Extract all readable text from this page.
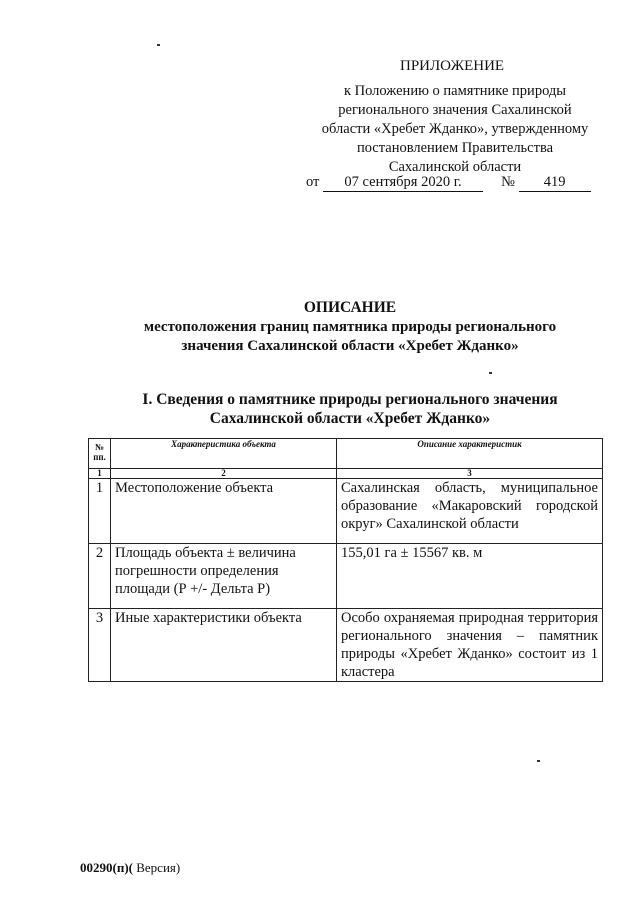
ПРИЛОЖЕНИЕ
к Положению о памятнике природы
регионального значения Сахалинской
области «Хребет Жданко», утвержденному
постановлением Правительства
Сахалинской области
от 07 сентября 2020 г.	№ 419
ОПИСАНИЕ
местоположения границ памятника природы регионального
значения Сахалинской области «Хребет Жданко»
I. Сведения о памятнике природы регионального значения
Сахалинской области «Хребет Жданко»
№
пп.	Характеристика объекта	Описание характеристик
1	2	3
1	Местоположение объекта	Сахалинская область, муниципальное образование «Макаровский городской округ» Сахалинской области
2	Площадь объекта ± величина погрешности определения площади (Р +/- Дельта Р)	155,01 га ± 15567 кв. м
3	Иные характеристики объекта	Особо охраняемая природная территория регионального значения – памятник природы «Хребет Жданко» состоит из 1 кластера
00290(п)( Версия)
